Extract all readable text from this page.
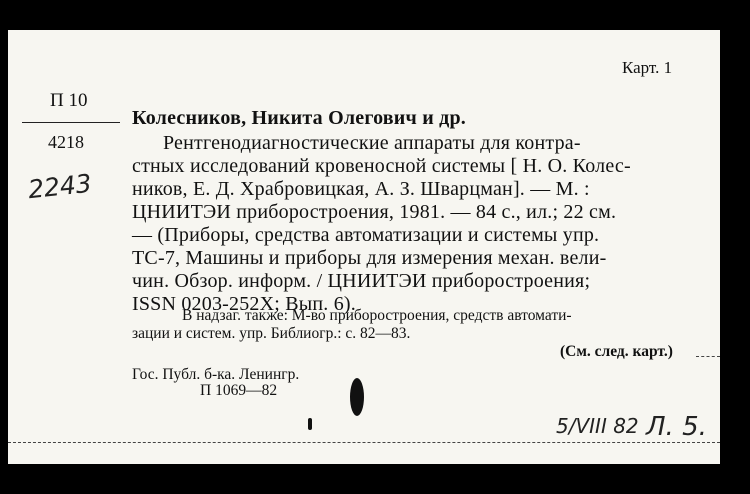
Карт. 1
П 10
4218
2243
Колесников, Никита Олегович и др.
Рентгенодиагностические аппараты для контра-
стных исследований кровеносной системы [ Н. О. Колес-
ников, Е. Д. Храбровицкая, А. З. Шварцман]. — М. :
ЦНИИТЭИ приборостроения, 1981. — 84 с., ил.; 22 см.
— (Приборы, средства автоматизации и системы упр.
ТС-7, Машины и приборы для измерения механ. вели-
чин. Обзор. информ. / ЦНИИТЭИ приборостроения;
ISSN 0203-252X; Вып. 6).
В надзаг. также: М-во приборостроения, средств автомати-
зации и систем. упр. Библиогр.: с. 82—83.
(См. след. карт.)
Гос. Публ. б-ка. Ленингр.
П 1069—82
5/VIII 82 Л. 5.
